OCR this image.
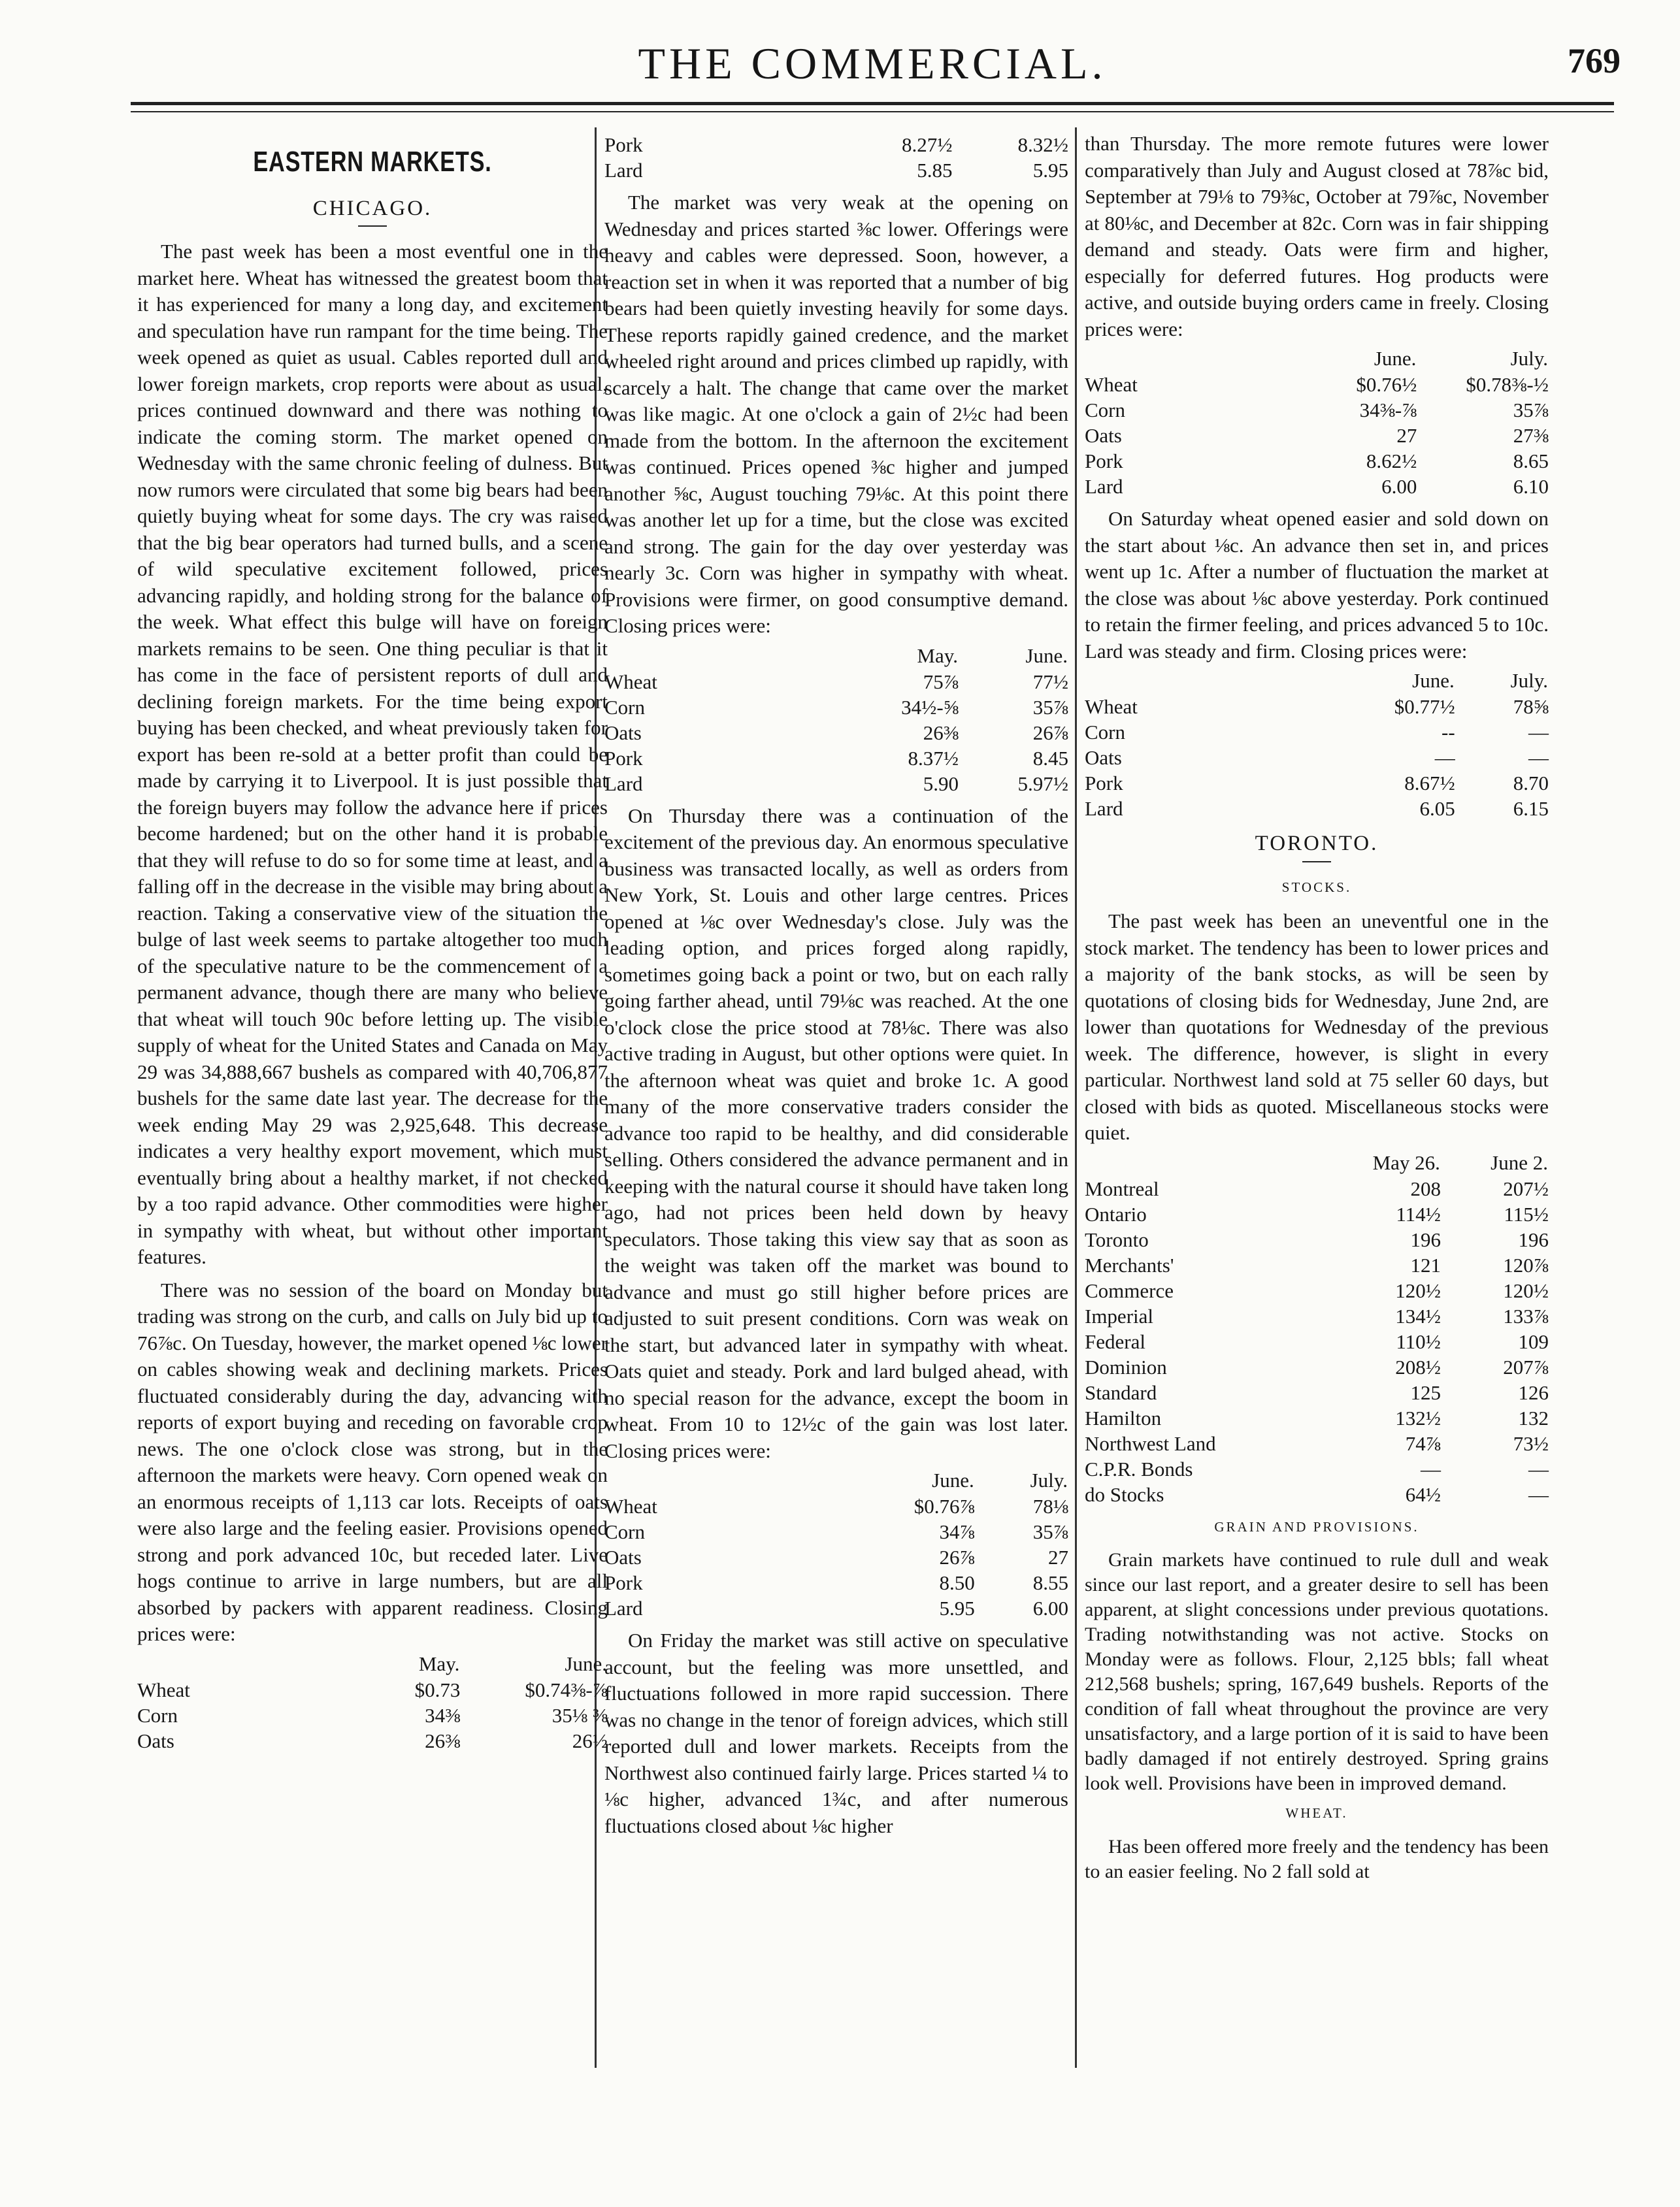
THE COMMERCIAL.	769
EASTERN MARKETS.
CHICAGO.

The past week has been a most eventful one in the market here. Wheat has witnessed the greatest boom that it has experienced for many a long day, and excitement and speculation have run rampant for the time being. The week opened as quiet as usual. Cables reported dull and lower foreign markets, crop reports were about as usual, prices continued downward and there was nothing to indicate the coming storm. The market opened on Wednesday with the same chronic feeling of dulness. But now rumors were circulated that some big bears had been quietly buying wheat for some days. The cry was raised that the big bear operators had turned bulls, and a scene of wild speculative excitement followed, prices advancing rapidly, and holding strong for the balance of the week. What effect this bulge will have on foreign markets remains to be seen. One thing peculiar is that it has come in the face of persistent reports of dull and declining foreign markets. For the time being export buying has been checked, and wheat previously taken for export has been re-sold at a better profit than could be made by carrying it to Liverpool. It is just possible that the foreign buyers may follow the advance here if prices become hardened; but on the other hand it is probable that they will refuse to do so for some time at least, and a falling off in the decrease in the visible may bring about a reaction. Taking a conservative view of the situation the bulge of last week seems to partake altogether too much of the speculative nature to be the commencement of a permanent advance, though there are many who believe that wheat will touch 90c before letting up. The visible supply of wheat for the United States and Canada on May 29 was 34,888,667 bushels as compared with 40,706,877 bushels for the same date last year. The decrease for the week ending May 29 was 2,925,648. This decrease indicates a very healthy export movement, which must eventually bring about a healthy market, if not checked by a too rapid advance. Other commodities were higher in sympathy with wheat, but without other important features.

There was no session of the board on Monday but trading was strong on the curb, and calls on July bid up to 76⅞c. On Tuesday, however, the market opened ⅛c lower on cables showing weak and declining markets. Prices fluctuated considerably during the day, advancing with reports of export buying and receding on favorable crop news. The one o'clock close was strong, but in the afternoon the markets were heavy. Corn opened weak on an enormous receipts of 1,113 car lots. Receipts of oats were also large and the feeling easier. Provisions opened strong and pork advanced 10c, but receded later. Live hogs continue to arrive in large numbers, but are all absorbed by packers with apparent readiness. Closing prices were:

	May.	June.
Wheat	$0.73	$0.74⅜-⅞
Corn	34⅜	35⅛ ⅜
Oats	26⅜	26½
Pork	8.27½	8.32½
Lard	5.85	5.95

The market was very weak at the opening on Wednesday and prices started ⅜c lower. Offerings were heavy and cables were depressed. Soon, however, a reaction set in when it was reported that a number of big bears had been quietly investing heavily for some days. These reports rapidly gained credence, and the market wheeled right around and prices climbed up rapidly, with scarcely a halt. The change that came over the market was like magic. At one o'clock a gain of 2½c had been made from the bottom. In the afternoon the excitement was continued. Prices opened ⅜c higher and jumped another ⅝c, August touching 79⅛c. At this point there was another let up for a time, but the close was excited and strong. The gain for the day over yesterday was nearly 3c. Corn was higher in sympathy with wheat. Provisions were firmer, on good consumptive demand. Closing prices were:

	May.	June.
Wheat	75⅞	77½
Corn	34½-⅝	35⅞
Oats	26⅜	26⅞
Pork	8.37½	8.45
Lard	5.90	5.97½

On Thursday there was a continuation of the excitement of the previous day. An enormous speculative business was transacted locally, as well as orders from New York, St. Louis and other large centres. Prices opened at ⅛c over Wednesday's close. July was the leading option, and prices forged along rapidly, sometimes going back a point or two, but on each rally going farther ahead, until 79⅛c was reached. At the one o'clock close the price stood at 78⅛c. There was also active trading in August, but other options were quiet. In the afternoon wheat was quiet and broke 1c. A good many of the more conservative traders consider the advance too rapid to be healthy, and did considerable selling. Others considered the advance permanent and in keeping with the natural course it should have taken long ago, had not prices been held down by heavy speculators. Those taking this view say that as soon as the weight was taken off the market was bound to advance and must go still higher before prices are adjusted to suit present conditions. Corn was weak on the start, but advanced later in sympathy with wheat. Oats quiet and steady. Pork and lard bulged ahead, with no special reason for the advance, except the boom in wheat. From 10 to 12½c of the gain was lost later. Closing prices were:

	June.	July.
Wheat	$0.76⅞	78⅛
Corn	34⅞	35⅞
Oats	26⅞	27
Pork	8.50	8.55
Lard	5.95	6.00

On Friday the market was still active on speculative account, but the feeling was more unsettled, and fluctuations followed in more rapid succession. There was no change in the tenor of foreign advices, which still reported dull and lower markets. Receipts from the Northwest also continued fairly large. Prices started ¼ to ⅛c higher, advanced 1¾c, and after numerous fluctuations closed about ⅛c higher

than Thursday. The more remote futures were lower comparatively than July and August closed at 78⅞c bid, September at 79⅛ to 79⅜c, October at 79⅞c, November at 80⅛c, and December at 82c. Corn was in fair shipping demand and steady. Oats were firm and higher, especially for deferred futures. Hog products were active, and outside buying orders came in freely. Closing prices were:

	June.	July.
Wheat	$0.76½	$0.78⅜-½
Corn	34⅜-⅞	35⅞
Oats	27	27⅜
Pork	8.62½	8.65
Lard	6.00	6.10

On Saturday wheat opened easier and sold down on the start about ⅛c. An advance then set in, and prices went up 1c. After a number of fluctuation the market at the close was about ⅛c above yesterday. Pork continued to retain the firmer feeling, and prices advanced 5 to 10c. Lard was steady and firm. Closing prices were:

	June.	July.
Wheat	$0.77½	78⅝
Corn	--	—
Oats	—	—
Pork	8.67½	8.70
Lard	6.05	6.15
TORONTO.
STOCKS.

The past week has been an uneventful one in the stock market. The tendency has been to lower prices and a majority of the bank stocks, as will be seen by quotations of closing bids for Wednesday, June 2nd, are lower than quotations for Wednesday of the previous week. The difference, however, is slight in every particular. Northwest land sold at 75 seller 60 days, but closed with bids as quoted. Miscellaneous stocks were quiet.

	May 26.	June 2.
Montreal	208	207½
Ontario	114½	115½
Toronto	196	196
Merchants'	121	120⅞
Commerce	120½	120½
Imperial	134½	133⅞
Federal	110½	109
Dominion	208½	207⅞
Standard	125	126
Hamilton	132½	132
Northwest Land	74⅞	73½
C.P.R. Bonds	—	—
do Stocks	64½	—
GRAIN AND PROVISIONS.

Grain markets have continued to rule dull and weak since our last report, and a greater desire to sell has been apparent, at slight concessions under previous quotations. Trading notwithstanding was not active. Stocks on Monday were as follows. Flour, 2,125 bbls; fall wheat 212,568 bushels; spring, 167,649 bushels. Reports of the condition of fall wheat throughout the province are very unsatisfactory, and a large portion of it is said to have been badly damaged if not entirely destroyed. Spring grains look well. Provisions have been in improved demand.

WHEAT.

Has been offered more freely and the tendency has been to an easier feeling. No 2 fall sold at
